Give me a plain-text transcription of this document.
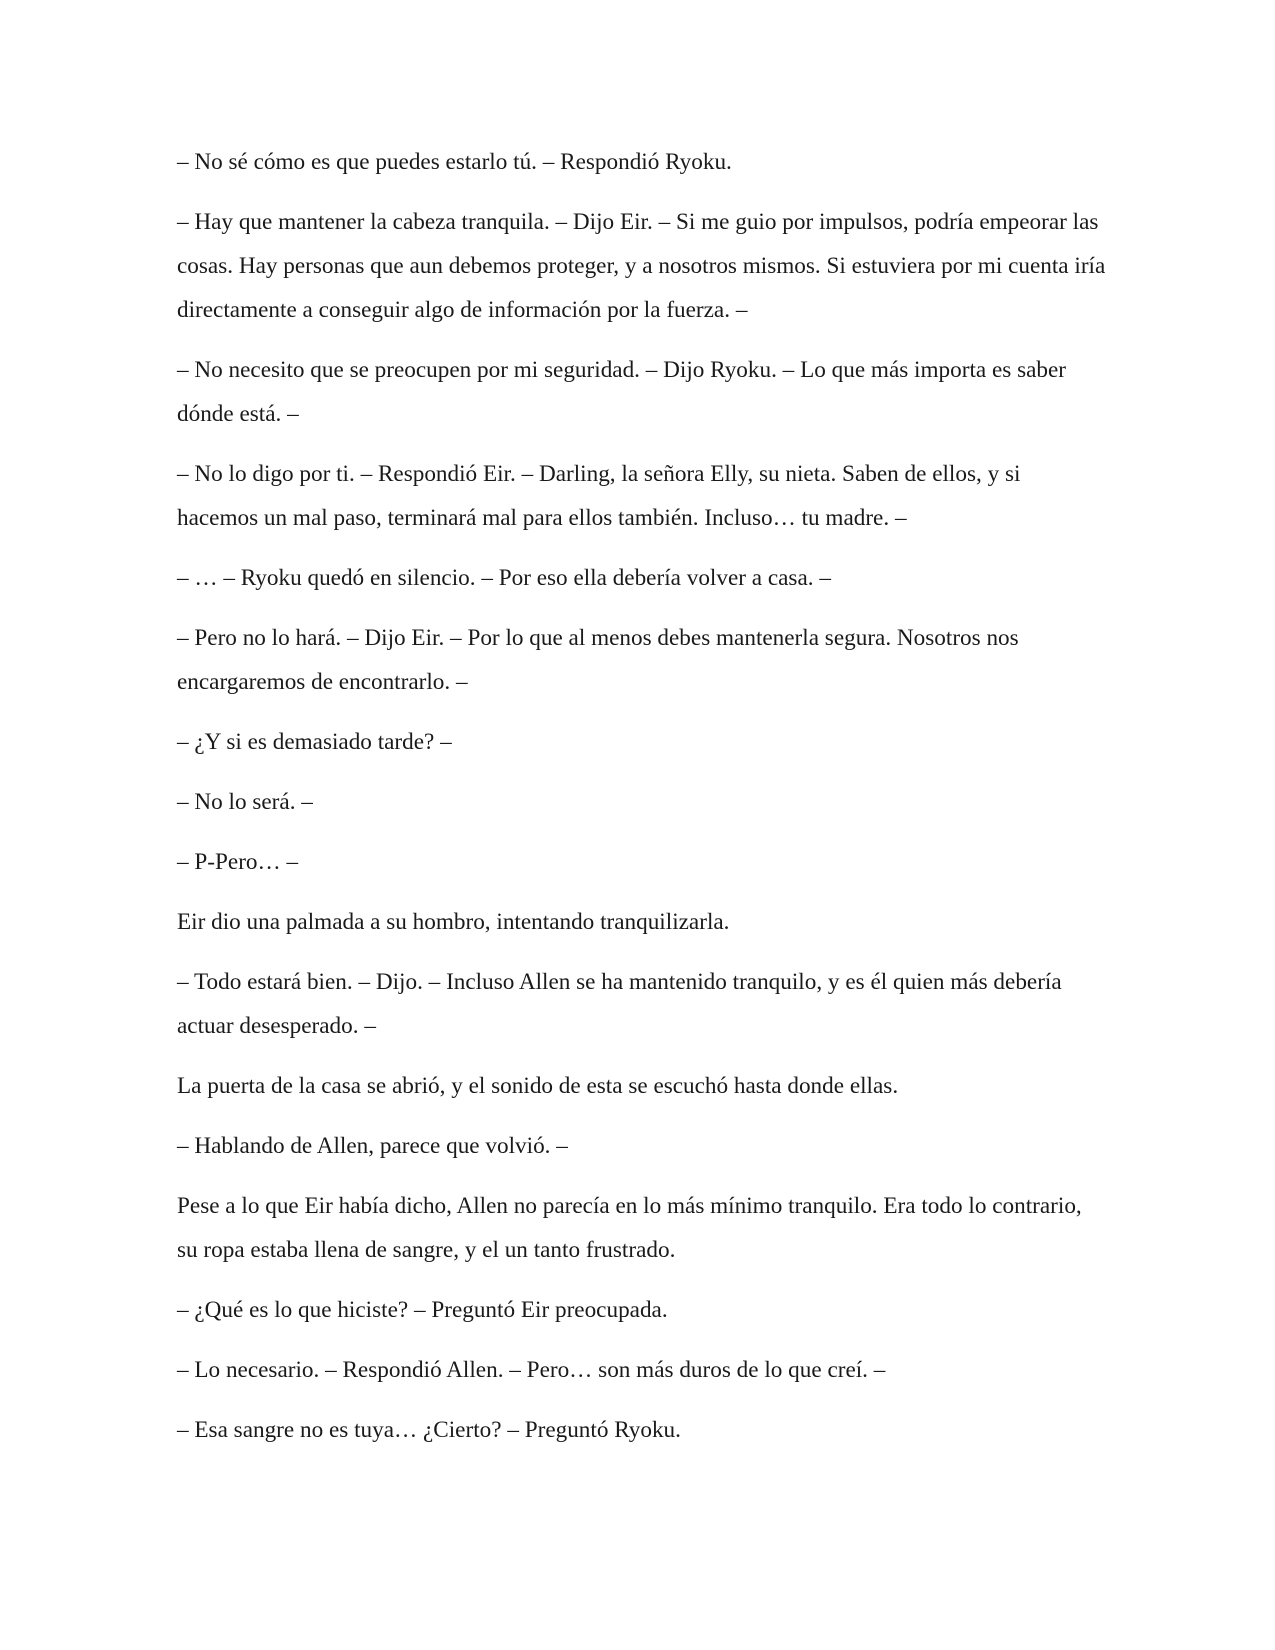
– No sé cómo es que puedes estarlo tú. – Respondió Ryoku.

– Hay que mantener la cabeza tranquila. – Dijo Eir. – Si me guio por impulsos, podría empeorar las cosas. Hay personas que aun debemos proteger, y a nosotros mismos. Si estuviera por mi cuenta iría directamente a conseguir algo de información por la fuerza. –

– No necesito que se preocupen por mi seguridad. – Dijo Ryoku. – Lo que más importa es saber dónde está. –

– No lo digo por ti. – Respondió Eir. – Darling, la señora Elly, su nieta. Saben de ellos, y si hacemos un mal paso, terminará mal para ellos también. Incluso… tu madre. –

– … – Ryoku quedó en silencio. – Por eso ella debería volver a casa. –

– Pero no lo hará. – Dijo Eir. – Por lo que al menos debes mantenerla segura. Nosotros nos encargaremos de encontrarlo. –

– ¿Y si es demasiado tarde? –

– No lo será. –

– P-Pero… –

Eir dio una palmada a su hombro, intentando tranquilizarla.

– Todo estará bien. – Dijo. – Incluso Allen se ha mantenido tranquilo, y es él quien más debería actuar desesperado. –

La puerta de la casa se abrió, y el sonido de esta se escuchó hasta donde ellas.

– Hablando de Allen, parece que volvió. –

Pese a lo que Eir había dicho, Allen no parecía en lo más mínimo tranquilo. Era todo lo contrario, su ropa estaba llena de sangre, y el un tanto frustrado.

– ¿Qué es lo que hiciste? – Preguntó Eir preocupada.

– Lo necesario. – Respondió Allen. – Pero… son más duros de lo que creí. –

– Esa sangre no es tuya… ¿Cierto? – Preguntó Ryoku.
